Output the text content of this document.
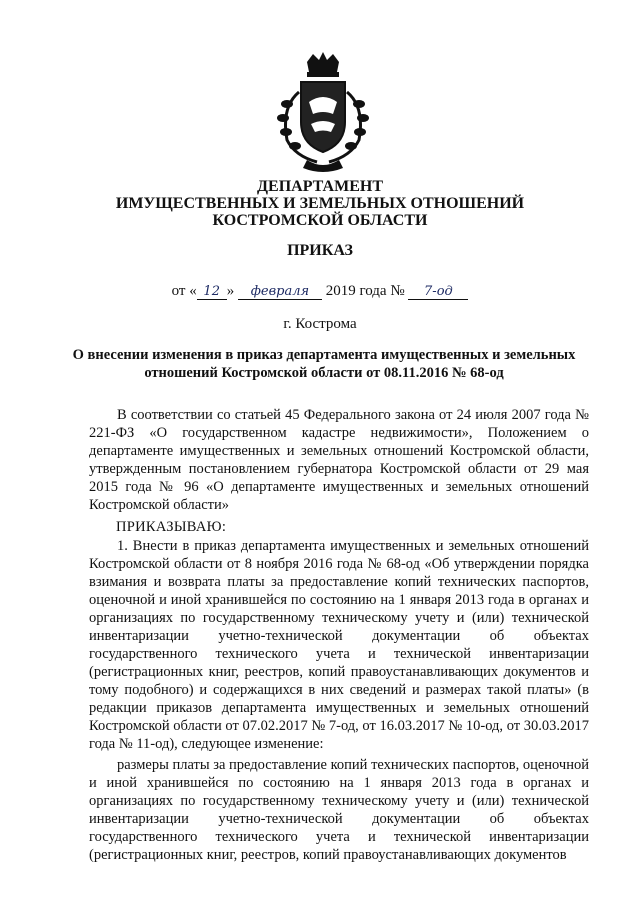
ДЕПАРТАМЕНТ
ИМУЩЕСТВЕННЫХ И ЗЕМЕЛЬНЫХ ОТНОШЕНИЙ
КОСТРОМСКОЙ ОБЛАСТИ
ПРИКАЗ
от « 12 » февраля 2019 года № 7-од
г. Кострома
О внесении изменения в приказ департамента имущественных и земельных отношений Костромской области от 08.11.2016 № 68-од
В соответствии со статьей 45 Федерального закона от 24 июля 2007 года № 221-ФЗ «О государственном кадастре недвижимости», Положением о департаменте имущественных и земельных отношений Костромской области, утвержденным постановлением губернатора Костромской области от 29 мая 2015 года № 96 «О департаменте имущественных и земельных отношений Костромской области»
ПРИКАЗЫВАЮ:
1. Внести в приказ департамента имущественных и земельных отношений Костромской области от 8 ноября 2016 года № 68-од «Об утверждении порядка взимания и возврата платы за предоставление копий технических паспортов, оценочной и иной хранившейся по состоянию на 1 января 2013 года в органах и организациях по государственному техническому учету и (или) технической инвентаризации учетно-технической документации об объектах государственного технического учета и технической инвентаризации (регистрационных книг, реестров, копий правоустанавливающих документов и тому подобного) и содержащихся в них сведений и размерах такой платы» (в редакции приказов департамента имущественных и земельных отношений Костромской области от 07.02.2017 № 7-од, от 16.03.2017 № 10-од, от 30.03.2017 года № 11-од), следующее изменение:
размеры платы за предоставление копий технических паспортов, оценочной и иной хранившейся по состоянию на 1 января 2013 года в органах и организациях по государственному техническому учету и (или) технической инвентаризации учетно-технической документации об объектах государственного технического учета и технической инвентаризации (регистрационных книг, реестров, копий правоустанавливающих документов
